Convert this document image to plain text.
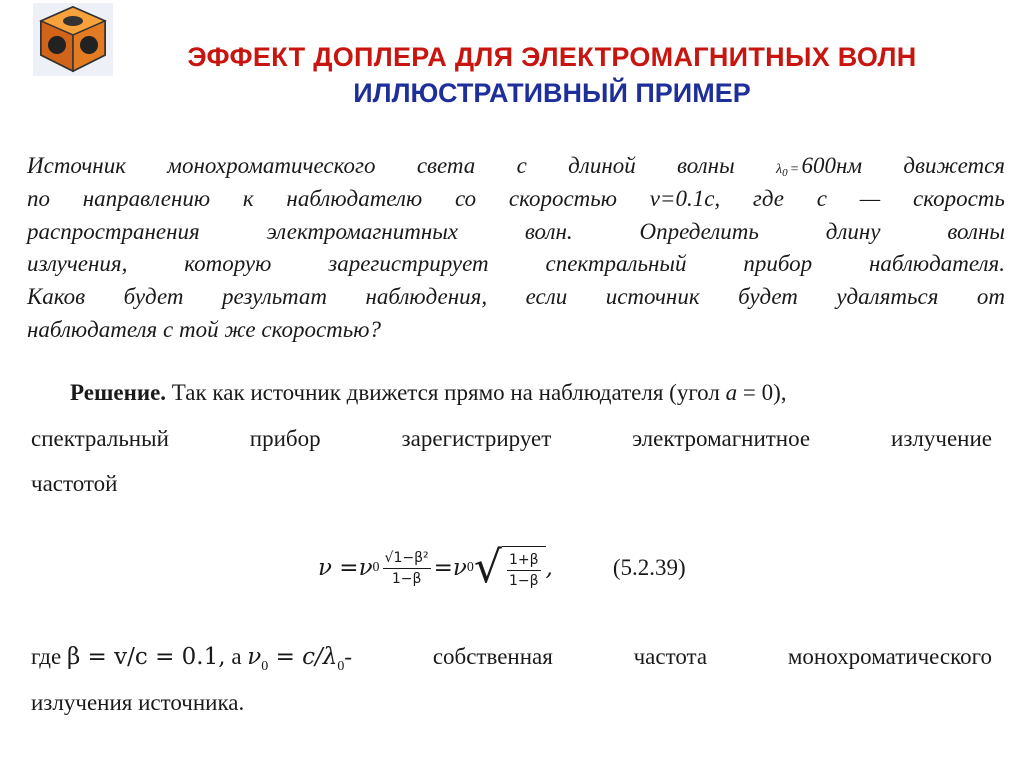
ЭФФЕКТ ДОПЛЕРА ДЛЯ ЭЛЕКТРОМАГНИТНЫХ ВОЛН
ИЛЛЮСТРАТИВНЫЙ ПРИМЕР
Источник монохроматического света с длиной волны	λ0 = 600нм движется
по направлению к наблюдателю со скоростью v=0.1c, где c — скорость
распространения	электромагнитных	волн.	Определить	длину	волны
излучения, которую зарегистрирует спектральный прибор наблюдателя.
Каков будет результат наблюдения, если источник будет удаляться от
наблюдателя с той же скоростью?
Решение. Так как источник движется прямо на наблюдателя (угол a = 0),
спектральный	прибор	зарегистрирует	электромагнитное	излучение
частотой
ν =ν $0 \frac{\text{√1−β²}}{1-\beta} =\nu$ 0 √ $\frac{1+\beta}{1-\beta}$ ,	(5.2.39)
где β = v/c = 0.1, а $\nu_0 = c/\lambda_0-$	собственная	частота	монохроматического
излучения источника.
